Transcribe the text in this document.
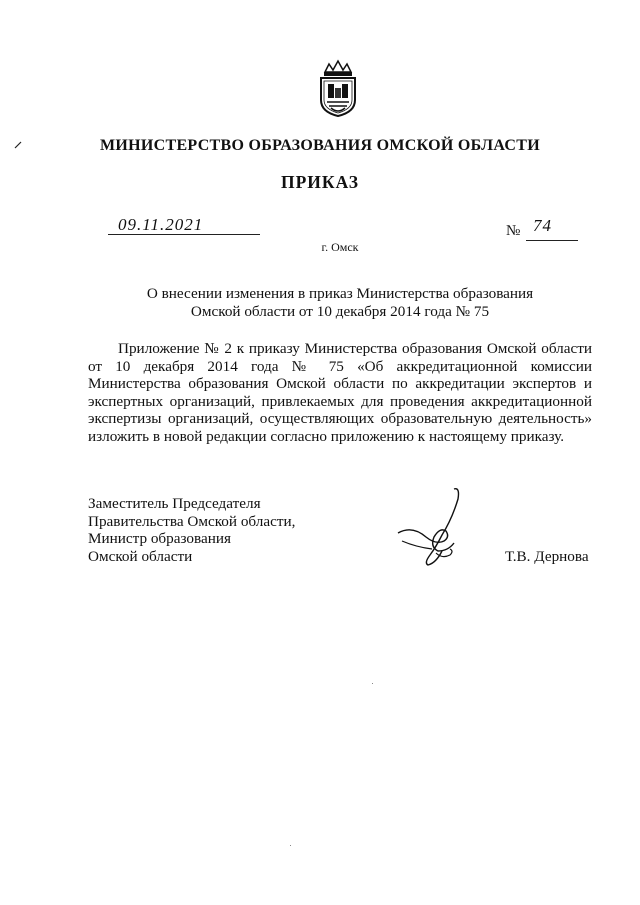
МИНИСТЕРСТВО ОБРАЗОВАНИЯ ОМСКОЙ ОБЛАСТИ
ПРИКАЗ
09.11.2021	№ 74
г. Омск
О внесении изменения в приказ Министерства образования
Омской области от 10 декабря 2014 года № 75
Приложение № 2 к приказу Министерства образования Омской области от 10 декабря 2014 года № 75 «Об аккредитационной комиссии Министерства образования Омской области по аккредитации экспертов и экспертных организаций, привлекаемых для проведения аккредитационной экспертизы организаций, осуществляющих образовательную деятельность» изложить в новой редакции согласно приложению к настоящему приказу.
Заместитель Председателя
Правительства Омской области,
Министр образования
Омской области	Т.В. Дернова
